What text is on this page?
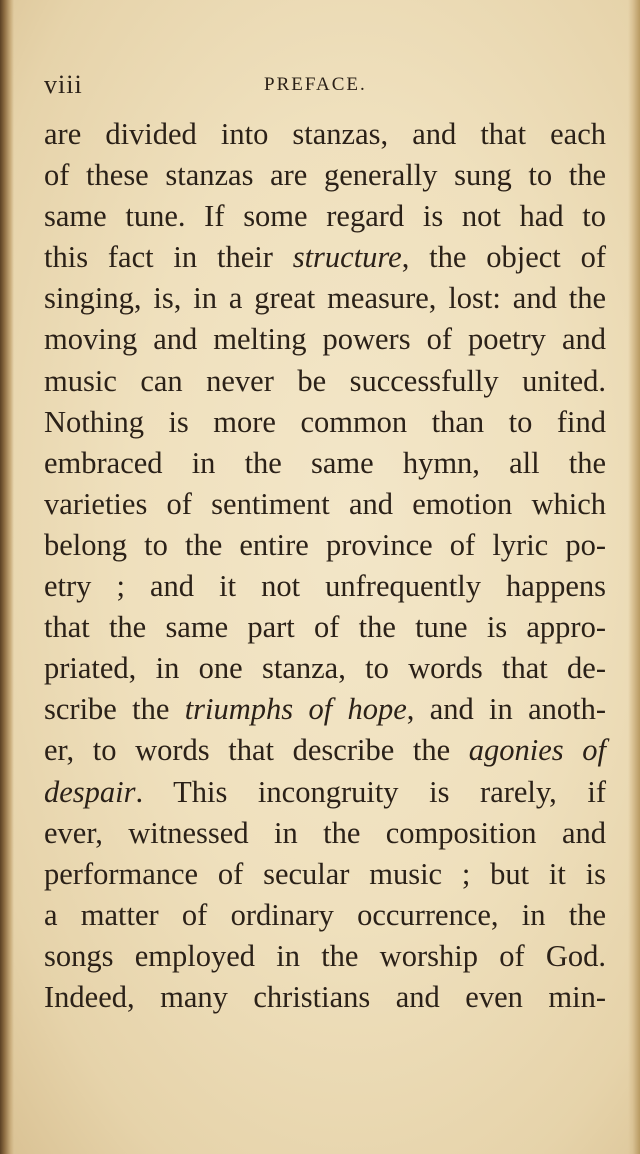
viii	PREFACE.
are divided into stanzas, and that each
of these stanzas are generally sung to the
same tune. If some regard is not had to
this fact in their structure, the object of
singing, is, in a great measure, lost: and the
moving and melting powers of poetry and
music can never be successfully united.
Nothing is more common than to find
embraced in the same hymn, all the
varieties of sentiment and emotion which
belong to the entire province of lyric po-
etry ; and it not unfrequently happens
that the same part of the tune is appro-
priated, in one stanza, to words that de-
scribe the triumphs of hope, and in anoth-
er, to words that describe the agonies of
despair. This incongruity is rarely, if
ever, witnessed in the composition and
performance of secular music ; but it is
a matter of ordinary occurrence, in the
songs employed in the worship of God.
Indeed, many christians and even min-
